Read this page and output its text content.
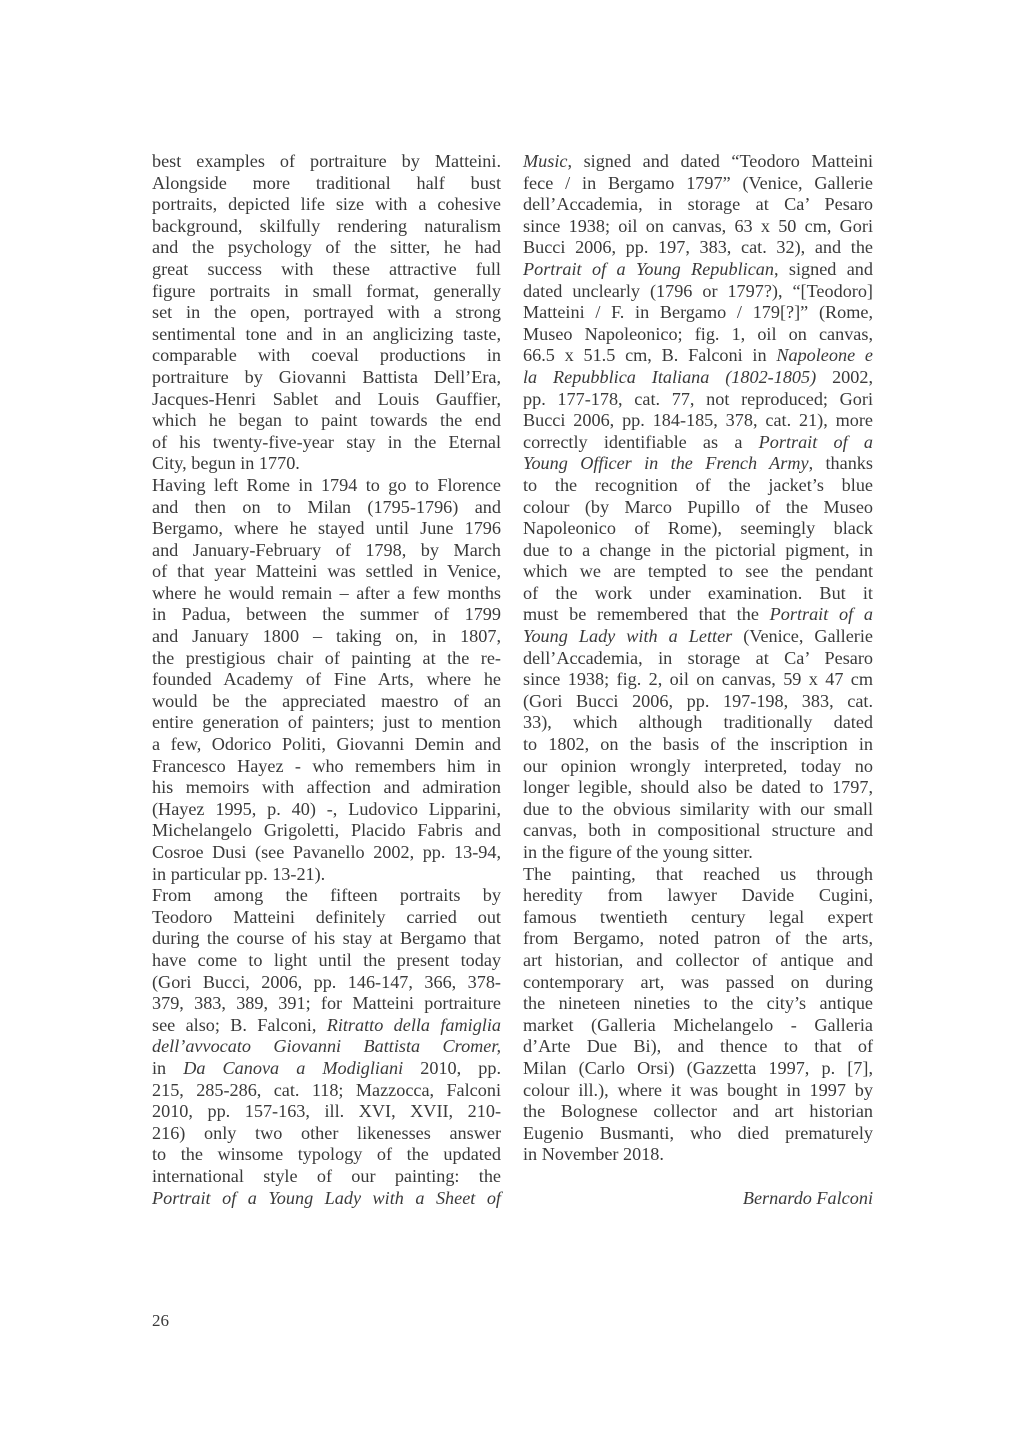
best examples of portraiture by Matteini.
Alongside more traditional half bust
portraits, depicted life size with a cohesive
background, skilfully rendering naturalism
and the psychology of the sitter, he had
great success with these attractive full
figure portraits in small format, generally
set in the open, portrayed with a strong
sentimental tone and in an anglicizing taste,
comparable with coeval productions in
portraiture by Giovanni Battista Dell’Era,
Jacques-Henri Sablet and Louis Gauffier,
which he began to paint towards the end
of his twenty-five-year stay in the Eternal
City, begun in 1770.
Having left Rome in 1794 to go to Florence
and then on to Milan (1795-1796) and
Bergamo, where he stayed until June 1796
and January-February of 1798, by March
of that year Matteini was settled in Venice,
where he would remain – after a few months
in Padua, between the summer of 1799
and January 1800 – taking on, in 1807,
the prestigious chair of painting at the re-
founded Academy of Fine Arts, where he
would be the appreciated maestro of an
entire generation of painters; just to mention
a few, Odorico Politi, Giovanni Demin and
Francesco Hayez - who remembers him in
his memoirs with affection and admiration
(Hayez 1995, p. 40) -, Ludovico Lipparini,
Michelangelo Grigoletti, Placido Fabris and
Cosroe Dusi (see Pavanello 2002, pp. 13-94,
in particular pp. 13-21).
From among the fifteen portraits by
Teodoro Matteini definitely carried out
during the course of his stay at Bergamo that
have come to light until the present today
(Gori Bucci, 2006, pp. 146-147, 366, 378-
379, 383, 389, 391; for Matteini portraiture
see also; B. Falconi, Ritratto della famiglia
dell’avvocato Giovanni Battista Cromer,
in Da Canova a Modigliani 2010, pp.
215, 285-286, cat. 118; Mazzocca, Falconi
2010, pp. 157-163, ill. XVI, XVII, 210-
216) only two other likenesses answer
to the winsome typology of the updated
international style of our painting: the
Portrait of a Young Lady with a Sheet of
Music, signed and dated “Teodoro Matteini
fece / in Bergamo 1797” (Venice, Gallerie
dell’Accademia, in storage at Ca’ Pesaro
since 1938; oil on canvas, 63 x 50 cm, Gori
Bucci 2006, pp. 197, 383, cat. 32), and the
Portrait of a Young Republican, signed and
dated unclearly (1796 or 1797?), “[Teodoro]
Matteini / F. in Bergamo / 179[?]” (Rome,
Museo Napoleonico; fig. 1, oil on canvas,
66.5 x 51.5 cm, B. Falconi in Napoleone e
la Repubblica Italiana (1802-1805) 2002,
pp. 177-178, cat. 77, not reproduced; Gori
Bucci 2006, pp. 184-185, 378, cat. 21), more
correctly identifiable as a Portrait of a
Young Officer in the French Army, thanks
to the recognition of the jacket’s blue
colour (by Marco Pupillo of the Museo
Napoleonico of Rome), seemingly black
due to a change in the pictorial pigment, in
which we are tempted to see the pendant
of the work under examination. But it
must be remembered that the Portrait of a
Young Lady with a Letter (Venice, Gallerie
dell’Accademia, in storage at Ca’ Pesaro
since 1938; fig. 2, oil on canvas, 59 x 47 cm
(Gori Bucci 2006, pp. 197-198, 383, cat.
33), which although traditionally dated
to 1802, on the basis of the inscription in
our opinion wrongly interpreted, today no
longer legible, should also be dated to 1797,
due to the obvious similarity with our small
canvas, both in compositional structure and
in the figure of the young sitter.
The painting, that reached us through
heredity from lawyer Davide Cugini,
famous twentieth century legal expert
from Bergamo, noted patron of the arts,
art historian, and collector of antique and
contemporary art, was passed on during
the nineteen nineties to the city’s antique
market (Galleria Michelangelo - Galleria
d’Arte Due Bi), and thence to that of
Milan (Carlo Orsi) (Gazzetta 1997, p. [7],
colour ill.), where it was bought in 1997 by
the Bolognese collector and art historian
Eugenio Busmanti, who died prematurely
in November 2018.
Bernardo Falconi
26
